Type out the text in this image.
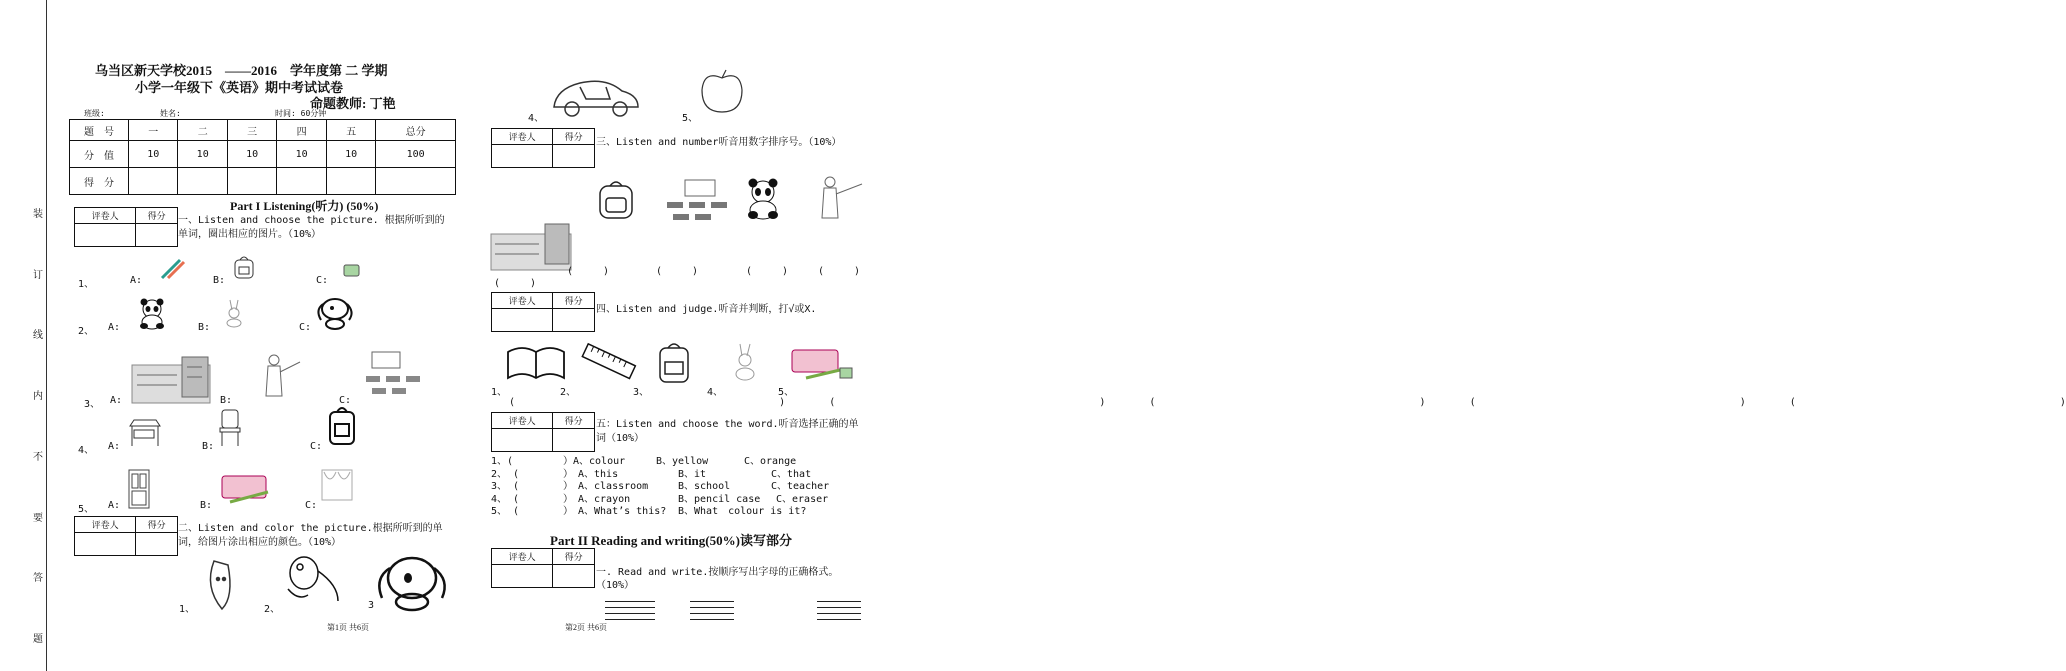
装
订
线
内
不
要
答
题
乌当区新天学校2015　——2016　学年度第 二 学期
小学一年级下《英语》期中考试试卷
命题教师: 丁艳
班级:	姓名:	时间: 60分钟
题　号	一	二	三	四	五	总分
分　值	10	10	10	10	10	100
得　分						
Part I Listening(听力) (50%)
评卷人	得分
	一、Listen and choose the picture. 根据所听到的单词，圈出相应的图片。（10%）
1、	A:	B:	C:
2、 A:	B:	C:
3、 A:	B:	C:
4、 A:	B:	C:
5、 A:	B:	C:
评卷人	得分
	二、Listen and color the picture.根据所听到的单词，给图片涂出相应的颜色。（10%）
1、	2、	3
第1页 共6页
4、	5、
评卷人	得分
	三、Listen and number听音用数字排序号。（10%）
(　　　)	(　　　)	(　　　)	(　　　)
(　　　)
评卷人	得分

四、Listen and judge.听音并判断，打√或X.
1、	2、	3、	4、	5、
(	)	(      ) (      ) (      ) (      )
评卷人	得分
	五：Listen and choose the word.听音选择正确的单词（10%）
1、(	）A、colour	B、yellow	C、orange
2、 (	）　A、this	B、it	C、that
3、 (	）　A、classroom	B、school	C、teacher
4、 (	）　A、crayon	B、pencil case C、eraser
5、 (	）　A、What’s this? B、What　colour is it?
Part II Reading and writing(50%)读写部分
评卷人	得分

一. Read and write.按顺序写出字母的正确格式。（10%）
第2页 共6页
